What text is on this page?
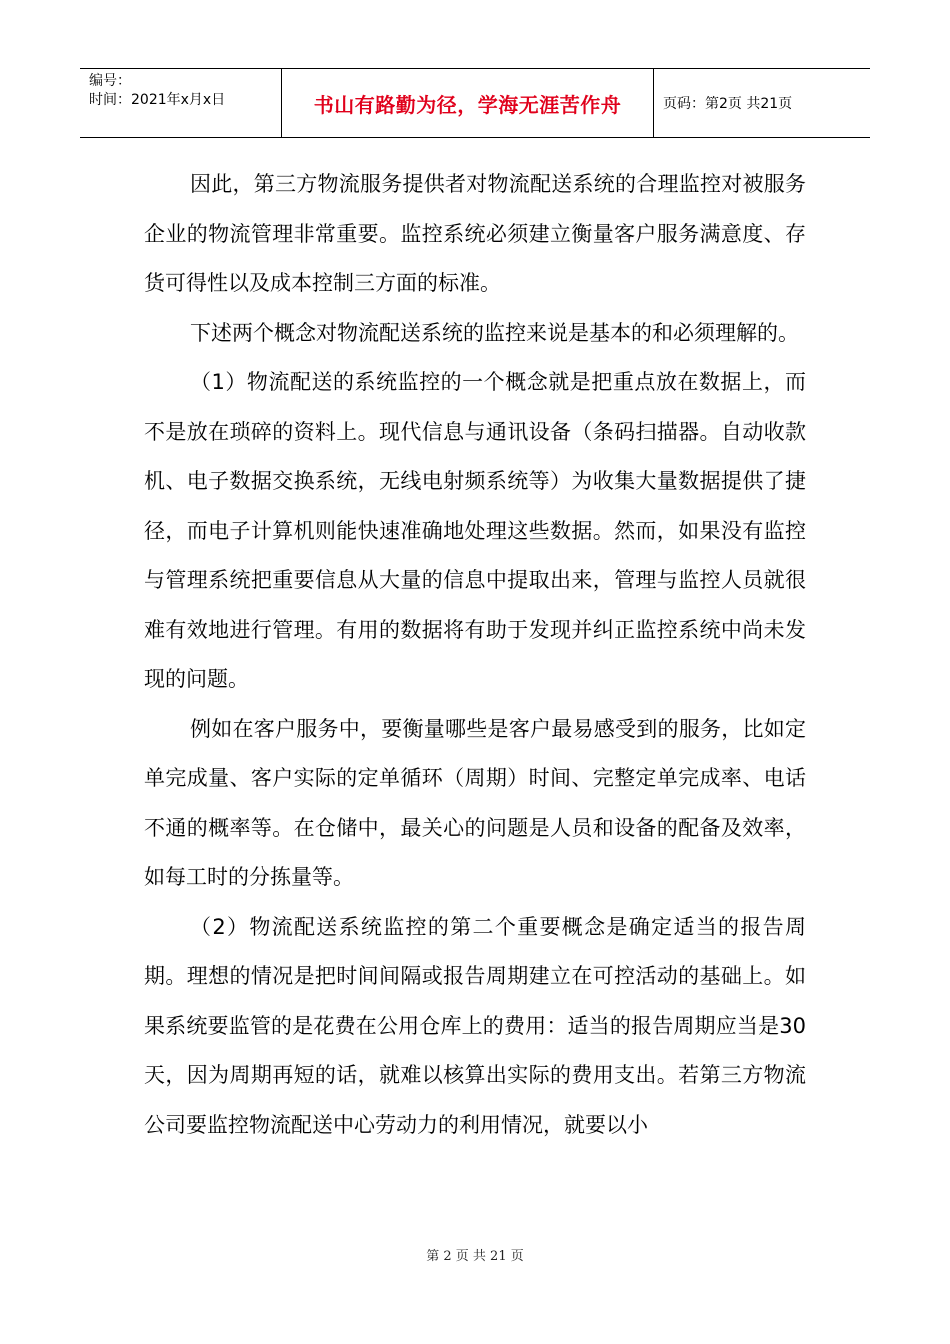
编号：
时间：2021年x月x日	书山有路勤为径，学海无涯苦作舟	页码：第2页 共21页

因此，第三方物流服务提供者对物流配送系统的合理监控对被服务企业的物流管理非常重要。监控系统必须建立衡量客户服务满意度、存货可得性以及成本控制三方面的标准。

下述两个概念对物流配送系统的监控来说是基本的和必须理解的。

（1）物流配送的系统监控的一个概念就是把重点放在数据上，而不是放在琐碎的资料上。现代信息与通讯设备（条码扫描器。自动收款机、电子数据交换系统，无线电射频系统等）为收集大量数据提供了捷径，而电子计算机则能快速准确地处理这些数据。然而，如果没有监控与管理系统把重要信息从大量的信息中提取出来，管理与监控人员就很难有效地进行管理。有用的数据将有助于发现并纠正监控系统中尚未发现的问题。

例如在客户服务中，要衡量哪些是客户最易感受到的服务，比如定单完成量、客户实际的定单循环（周期）时间、完整定单完成率、电话不通的概率等。在仓储中，最关心的问题是人员和设备的配备及效率，如每工时的分拣量等。

（2）物流配送系统监控的第二个重要概念是确定适当的报告周期。理想的情况是把时间间隔或报告周期建立在可控活动的基础上。如果系统要监管的是花费在公用仓库上的费用：适当的报告周期应当是30天，因为周期再短的话，就难以核算出实际的费用支出。若第三方物流公司要监控物流配送中心劳动力的利用情况，就要以小

第 2 页 共 21 页
